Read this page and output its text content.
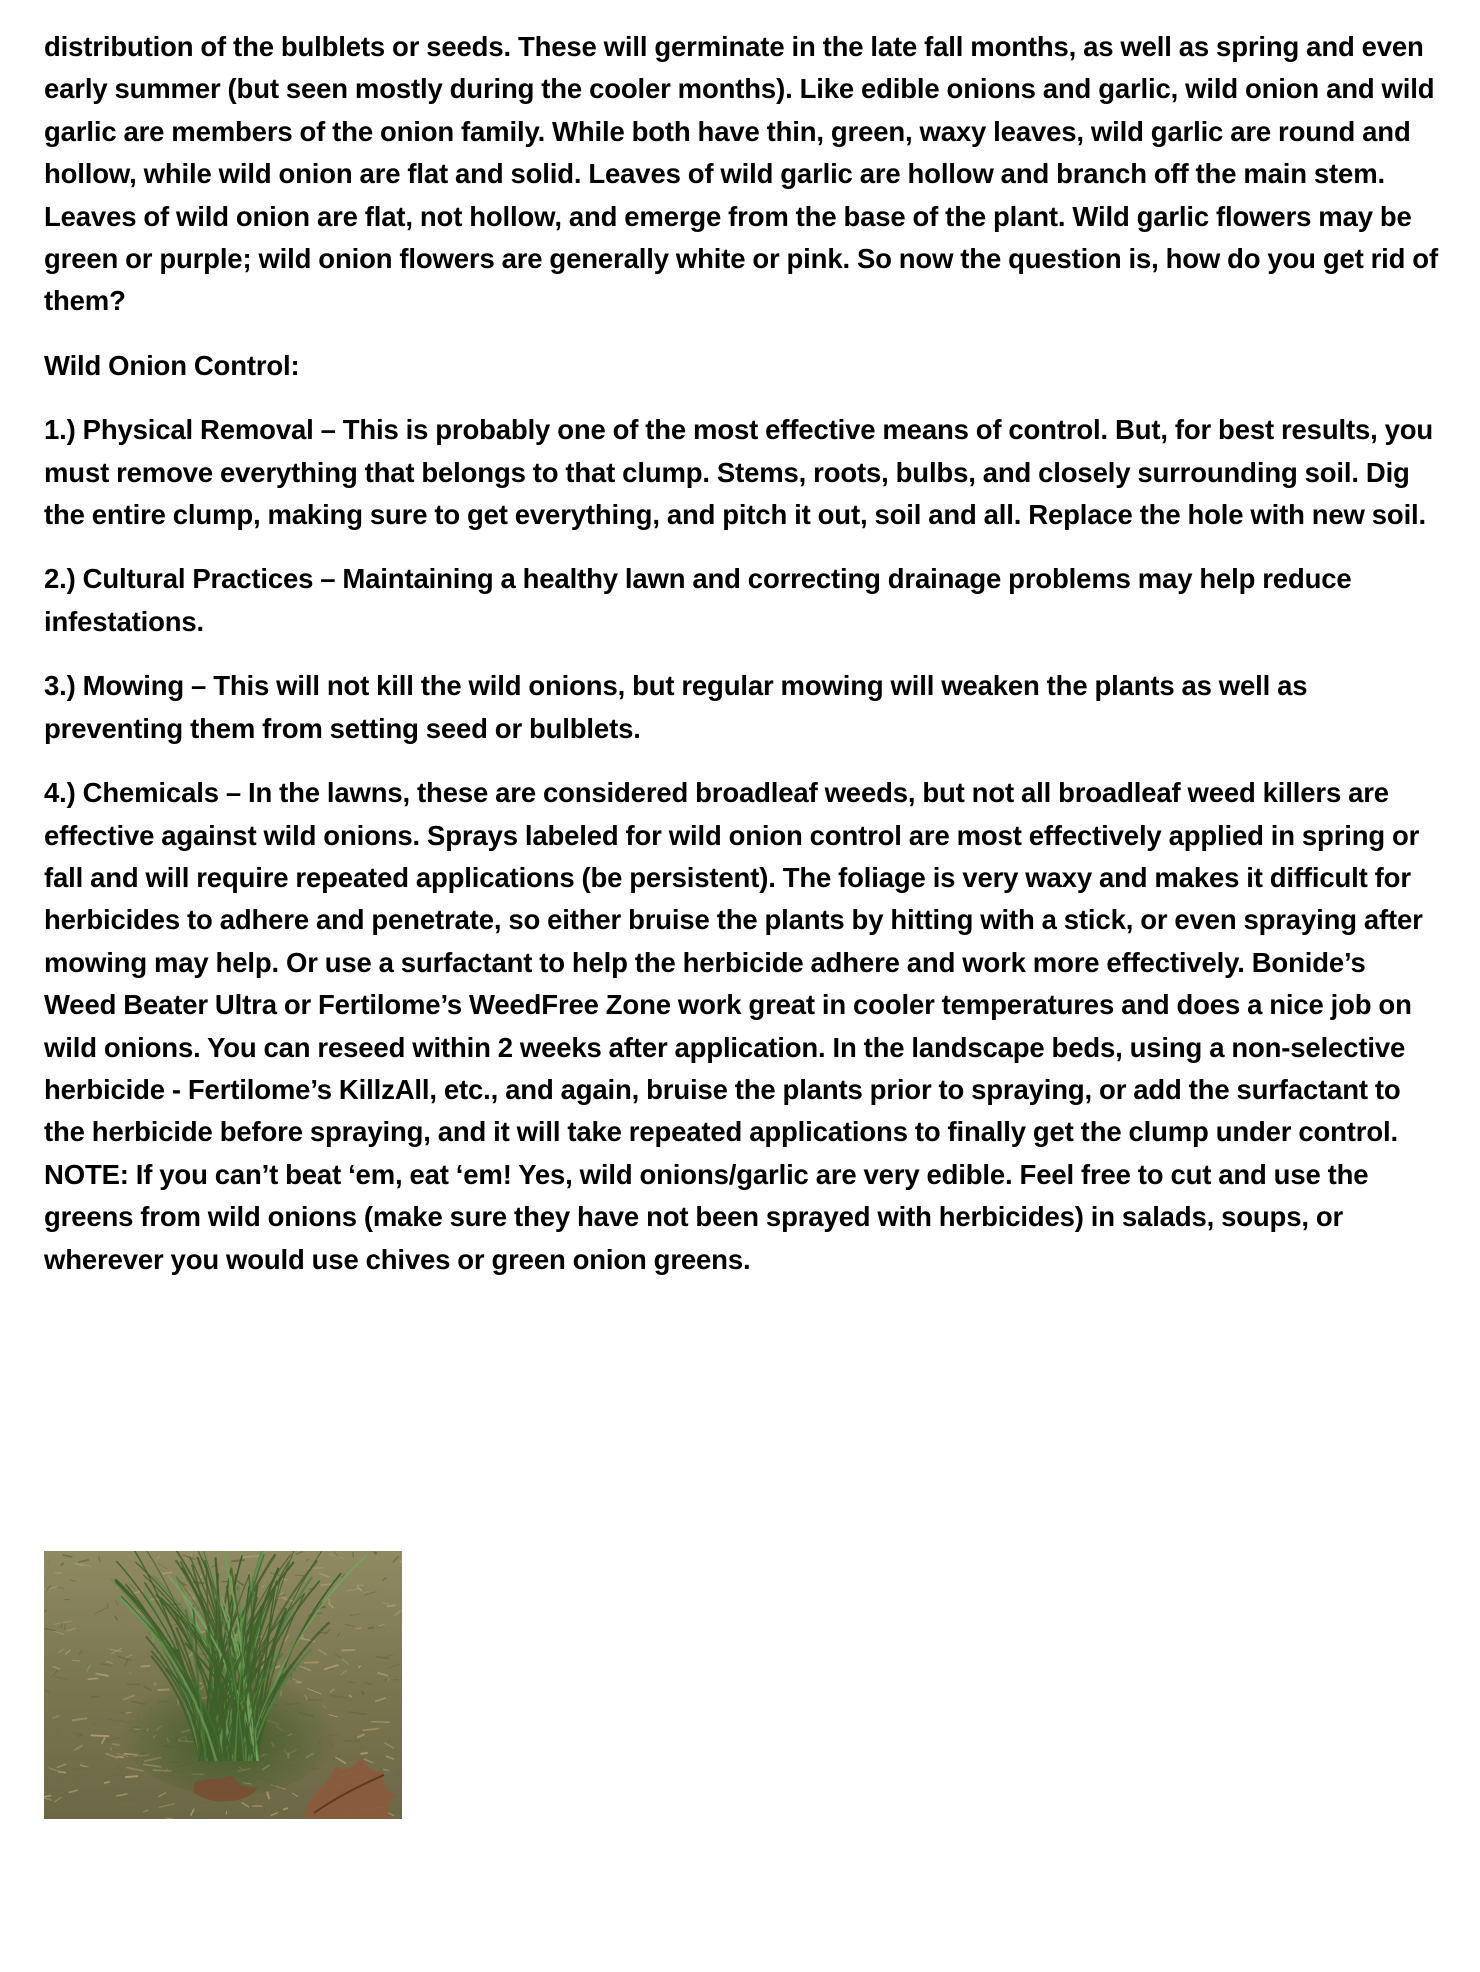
distribution of the bulblets or seeds. These will germinate in the late fall months, as well as spring and even early summer (but seen mostly during the cooler months). Like edible onions and garlic, wild onion and wild garlic are members of the onion family. While both have thin, green, waxy leaves, wild garlic are round and hollow, while wild onion are flat and solid. Leaves of wild garlic are hollow and branch off the main stem. Leaves of wild onion are flat, not hollow, and emerge from the base of the plant. Wild garlic flowers may be green or purple; wild onion flowers are generally white or pink. So now the question is, how do you get rid of them?

Wild Onion Control:

1.) Physical Removal – This is probably one of the most effective means of control. But, for best results, you must remove everything that belongs to that clump. Stems, roots, bulbs, and closely surrounding soil. Dig the entire clump, making sure to get everything, and pitch it out, soil and all. Replace the hole with new soil.

2.) Cultural Practices – Maintaining a healthy lawn and correcting drainage problems may help reduce infestations.

3.) Mowing – This will not kill the wild onions, but regular mowing will weaken the plants as well as preventing them from setting seed or bulblets.

4.) Chemicals – In the lawns, these are considered broadleaf weeds, but not all broadleaf weed killers are effective against wild onions. Sprays labeled for wild onion control are most effectively applied in spring or fall and will require repeated applications (be persistent). The foliage is very waxy and makes it difficult for herbicides to adhere and penetrate, so either bruise the plants by hitting with a stick, or even spraying after mowing may help. Or use a surfactant to help the herbicide adhere and work more effectively. Bonide’s Weed Beater Ultra or Fertilome’s WeedFree Zone work great in cooler temperatures and does a nice job on wild onions. You can reseed within 2 weeks after application. In the landscape beds, using a non-selective herbicide - Fertilome’s KillzAll, etc., and again, bruise the plants prior to spraying, or add the surfactant to the herbicide before spraying, and it will take repeated applications to finally get the clump under control. NOTE: If you can’t beat ‘em, eat ‘em! Yes, wild onions/garlic are very edible. Feel free to cut and use the greens from wild onions (make sure they have not been sprayed with herbicides) in salads, soups, or wherever you would use chives or green onion greens.
